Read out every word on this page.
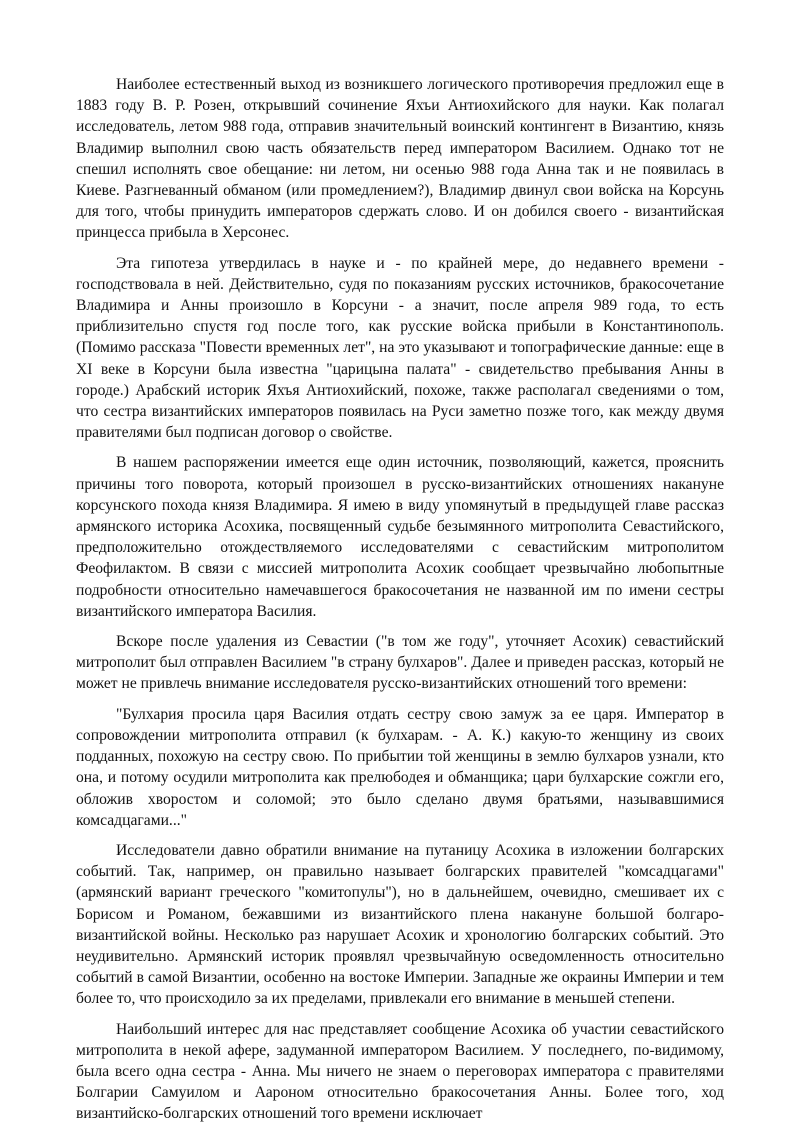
Наиболее естественный выход из возникшего логического противоречия предложил еще в 1883 году В. Р. Розен, открывший сочинение Яхъи Антиохийского для науки. Как полагал исследователь, летом 988 года, отправив значительный воинский контингент в Византию, князь Владимир выполнил свою часть обязательств перед императором Василием. Однако тот не спешил исполнять свое обещание: ни летом, ни осенью 988 года Анна так и не появилась в Киеве. Разгневанный обманом (или промедлением?), Владимир двинул свои войска на Корсунь для того, чтобы принудить императоров сдержать слово. И он добился своего - византийская принцесса прибыла в Херсонес.

Эта гипотеза утвердилась в науке и - по крайней мере, до недавнего времени - господствовала в ней. Действительно, судя по показаниям русских источников, бракосочетание Владимира и Анны произошло в Корсуни - а значит, после апреля 989 года, то есть приблизительно спустя год после того, как русские войска прибыли в Константинополь. (Помимо рассказа "Повести временных лет", на это указывают и топографические данные: еще в XI веке в Корсуни была известна "царицына палата" - свидетельство пребывания Анны в городе.) Арабский историк Яхъя Антиохийский, похоже, также располагал сведениями о том, что сестра византийских императоров появилась на Руси заметно позже того, как между двумя правителями был подписан договор о свойстве.

В нашем распоряжении имеется еще один источник, позволяющий, кажется, прояснить причины того поворота, который произошел в русско-византийских отношениях накануне корсунского похода князя Владимира. Я имею в виду упомянутый в предыдущей главе рассказ армянского историка Асохика, посвященный судьбе безымянного митрополита Севастийского, предположительно отождествляемого исследователями с севастийским митрополитом Феофилактом. В связи с миссией митрополита Асохик сообщает чрезвычайно любопытные подробности относительно намечавшегося бракосочетания не названной им по имени сестры византийского императора Василия.

Вскоре после удаления из Севастии ("в том же году", уточняет Асохик) севастийский митрополит был отправлен Василием "в страну булхаров". Далее и приведен рассказ, который не может не привлечь внимание исследователя русско-византийских отношений того времени:

"Булхария просила царя Василия отдать сестру свою замуж за ее царя. Император в сопровождении митрополита отправил (к булхарам. - А. К.) какую-то женщину из своих подданных, похожую на сестру свою. По прибытии той женщины в землю булхаров узнали, кто она, и потому осудили митрополита как прелюбодея и обманщика; цари булхарские сожгли его, обложив хворостом и соломой; это было сделано двумя братьями, называвшимися комсадцагами..."

Исследователи давно обратили внимание на путаницу Асохика в изложении болгарских событий. Так, например, он правильно называет болгарских правителей "комсадцагами" (армянский вариант греческого "комитопулы"), но в дальнейшем, очевидно, смешивает их с Борисом и Романом, бежавшими из византийского плена накануне большой болгаро-византийской войны. Несколько раз нарушает Асохик и хронологию болгарских событий. Это неудивительно. Армянский историк проявлял чрезвычайную осведомленность относительно событий в самой Византии, особенно на востоке Империи. Западные же окраины Империи и тем более то, что происходило за их пределами, привлекали его внимание в меньшей степени.

Наибольший интерес для нас представляет сообщение Асохика об участии севастийского митрополита в некой афере, задуманной императором Василием. У последнего, по-видимому, была всего одна сестра - Анна. Мы ничего не знаем о переговорах императора с правителями Болгарии Самуилом и Аароном относительно бракосочетания Анны. Более того, ход византийско-болгарских отношений того времени исключает
